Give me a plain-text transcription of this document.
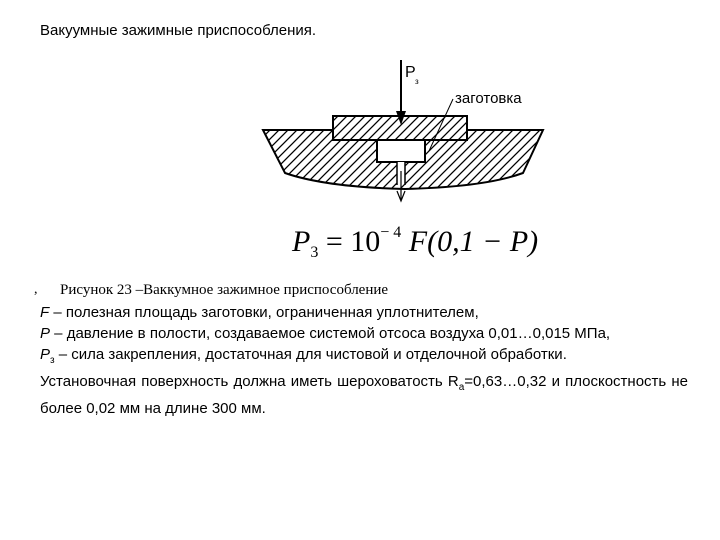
Вакуумные зажимные приспособления.
P
з
заготовка
$P_3 = 10^{- 4}$ F(0,1 − P)
, Рисунок 23 –Ваккумное зажимное приспособление

F – полезная площадь заготовки, ограниченная уплотнителем,

P – давление в полости, создаваемое системой отсоса воздуха 0,01…0,015 МПа,

$P_з$ – сила закрепления, достаточная для чистовой и отделочной обработки.

Установочная поверхность должна иметь шероховатость $R_a=0,63\dots 0,32$ и плоскостность не более 0,02 мм на длине 300 мм.
